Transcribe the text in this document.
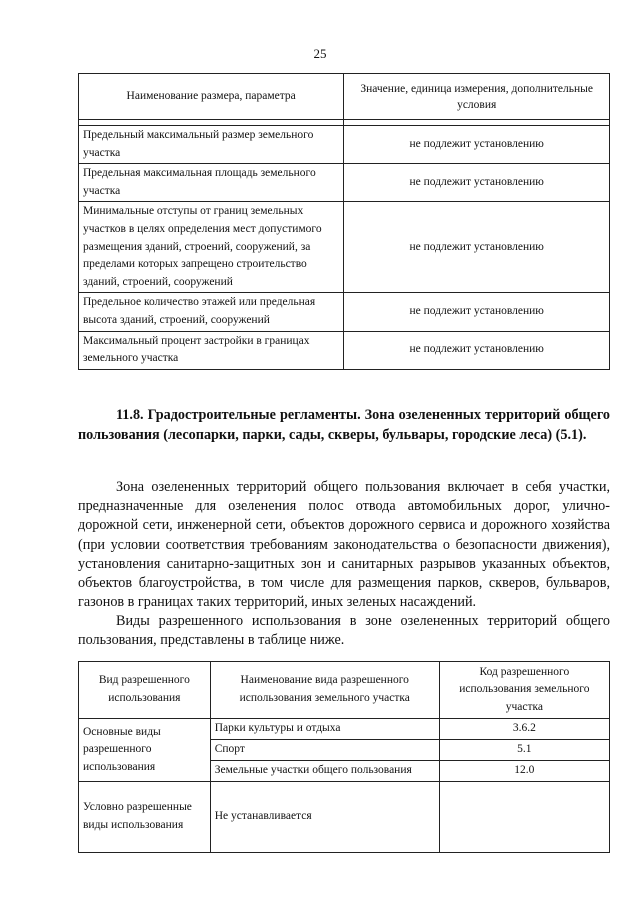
25
Наименование размера, параметра	Значение, единица измерения, дополнительные условия

Предельный максимальный размер земельного участка	не подлежит установлению
Предельная максимальная площадь земельного участка	не подлежит установлению
Минимальные отступы от границ земельных участков в целях определения мест допустимого размещения зданий, строений, сооружений, за пределами которых запрещено строительство зданий, строений, сооружений	не подлежит установлению
Предельное количество этажей или предельная высота зданий, строений, сооружений	не подлежит установлению
Максимальный процент застройки в границах земельного участка	не подлежит установлению
11.8. Градостроительные регламенты. Зона озелененных территорий общего пользования (лесопарки, парки, сады, скверы, бульвары, городские леса) (5.1).

Зона озелененных территорий общего пользования включает в себя участки, предназначенные для озеленения полос отвода автомобильных дорог, улично-дорожной сети, инженерной сети, объектов дорожного сервиса и дорожного хозяйства (при условии соответствия требованиям законодательства о безопасности движения), установления санитарно-защитных зон и санитарных разрывов указанных объектов, объектов благоустройства, в том числе для размещения парков, скверов, бульваров, газонов в границах таких территорий, иных зеленых насаждений.

Виды разрешенного использования в зоне озелененных территорий общего пользования, представлены в таблице ниже.

Вид разрешенного использования	Наименование вида разрешенного использования земельного участка	Код разрешенного использования земельного участка
Основные виды разрешенного использования	Парки культуры и отдыха	3.6.2
	Спорт	5.1
	Земельные участки общего пользования	12.0
Условно разрешенные виды использования	Не устанавливается	
